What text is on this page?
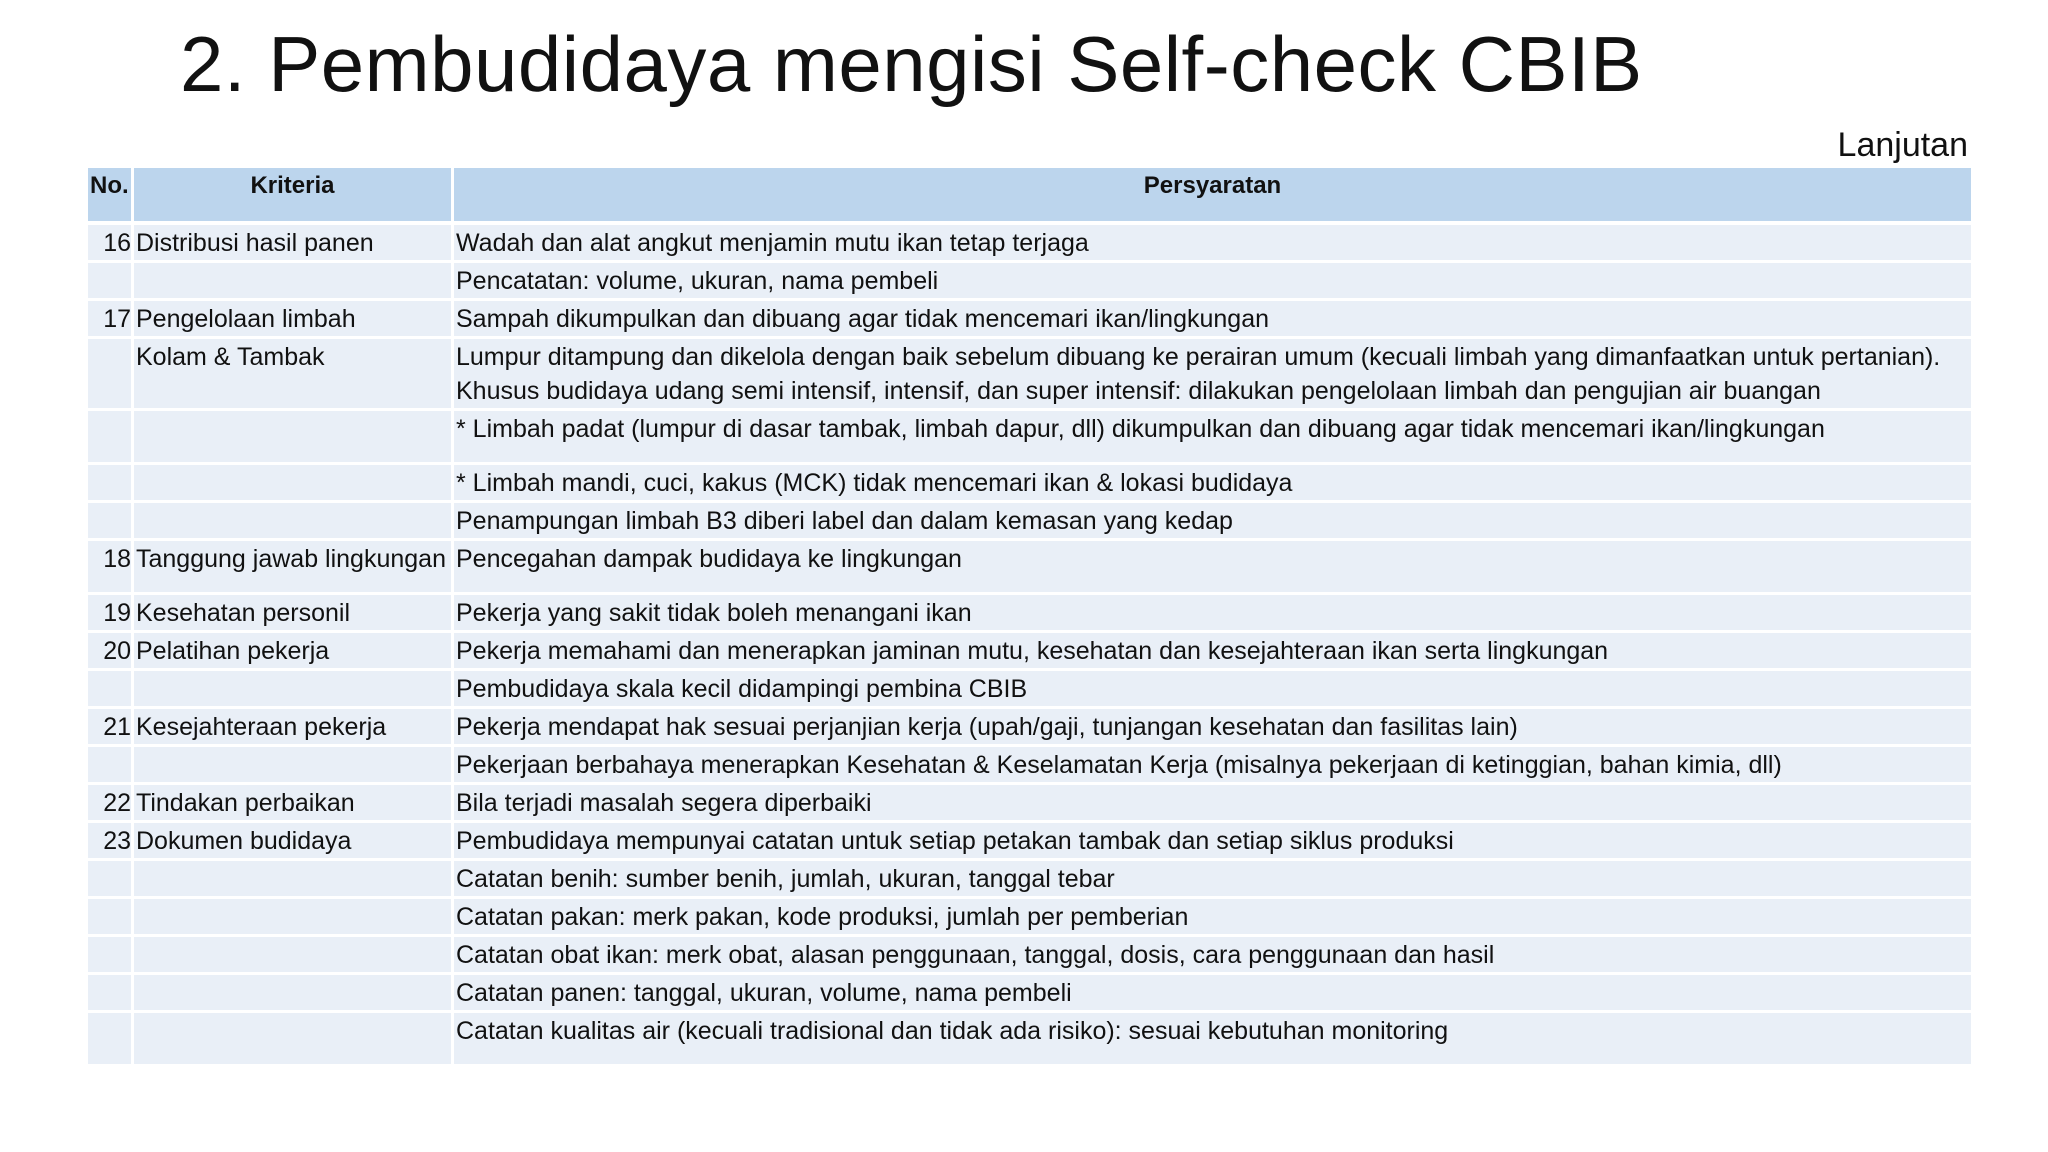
2. Pembudidaya mengisi Self-check CBIB
Lanjutan
No.	Kriteria	Persyaratan
16	Distribusi hasil panen	Wadah dan alat angkut menjamin mutu ikan tetap terjaga
		Pencatatan: volume, ukuran, nama pembeli
17	Pengelolaan limbah	Sampah dikumpulkan dan dibuang agar tidak mencemari ikan/lingkungan
	Kolam & Tambak	Lumpur ditampung dan dikelola dengan baik sebelum dibuang ke perairan umum (kecuali limbah yang dimanfaatkan untuk pertanian). Khusus budidaya udang semi intensif, intensif, dan super intensif: dilakukan pengelolaan limbah dan pengujian air buangan
		* Limbah padat (lumpur di dasar tambak, limbah dapur, dll) dikumpulkan dan dibuang agar tidak mencemari ikan/lingkungan
		* Limbah mandi, cuci, kakus (MCK) tidak mencemari ikan & lokasi budidaya
		Penampungan limbah B3 diberi label dan dalam kemasan yang kedap
18	Tanggung jawab lingkungan	Pencegahan dampak budidaya ke lingkungan
19	Kesehatan personil	Pekerja yang sakit tidak boleh menangani ikan
20	Pelatihan pekerja	Pekerja memahami dan menerapkan jaminan mutu, kesehatan dan kesejahteraan ikan serta lingkungan
		Pembudidaya skala kecil didampingi pembina CBIB
21	Kesejahteraan pekerja	Pekerja mendapat hak sesuai perjanjian kerja (upah/gaji, tunjangan kesehatan dan fasilitas lain)
		Pekerjaan berbahaya menerapkan Kesehatan & Keselamatan Kerja (misalnya pekerjaan di ketinggian, bahan kimia, dll)
22	Tindakan perbaikan	Bila terjadi masalah segera diperbaiki
23	Dokumen budidaya	Pembudidaya mempunyai catatan untuk setiap petakan tambak dan setiap siklus produksi
		Catatan benih: sumber benih, jumlah, ukuran, tanggal tebar
		Catatan pakan: merk pakan, kode produksi, jumlah per pemberian
		Catatan obat ikan: merk obat, alasan penggunaan, tanggal, dosis, cara penggunaan dan hasil
		Catatan panen: tanggal, ukuran, volume, nama pembeli
		Catatan kualitas air (kecuali tradisional dan tidak ada risiko): sesuai kebutuhan monitoring
